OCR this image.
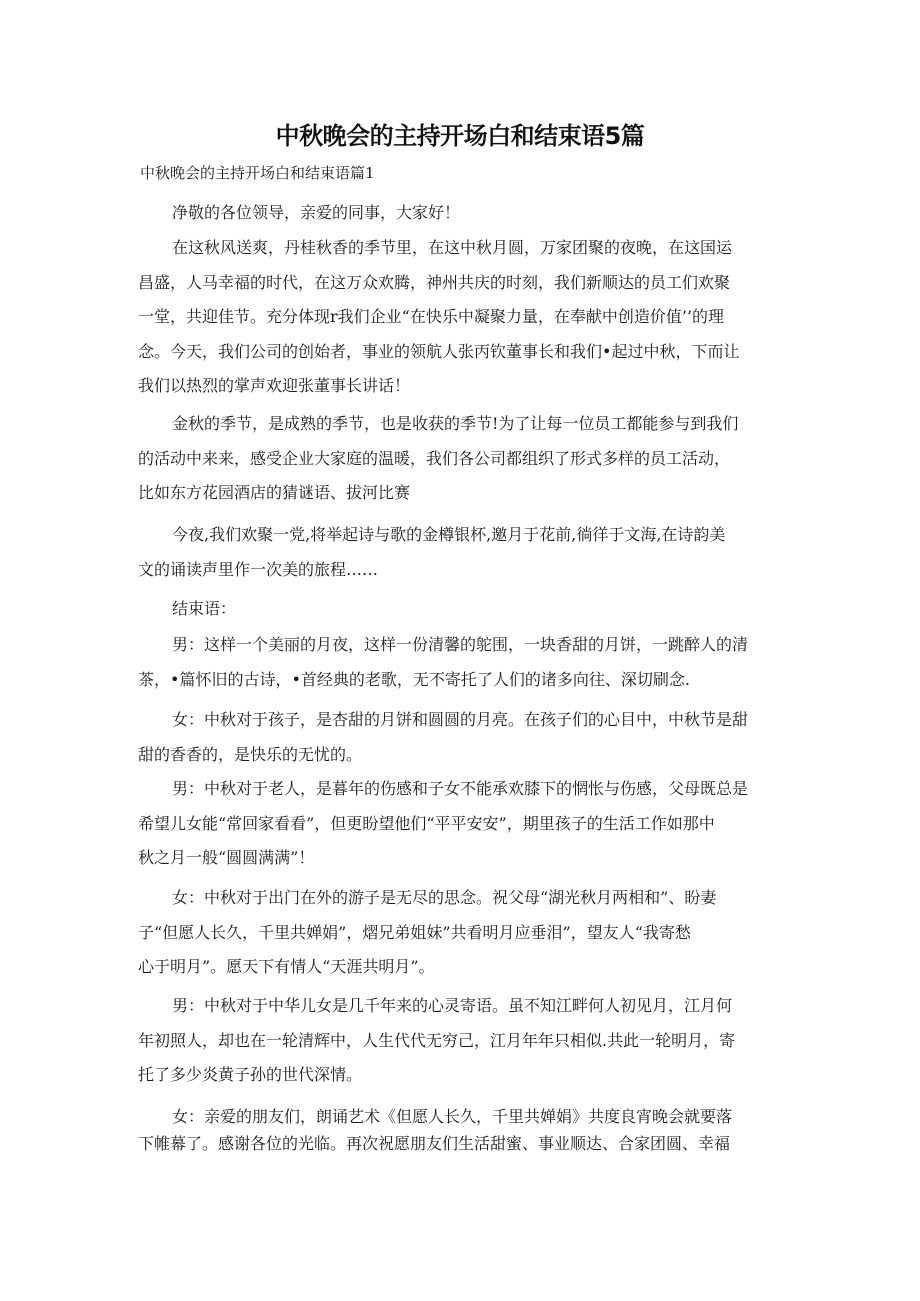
中秋晚会的主持开场白和结束语5篇
中秋晚会的主持开场白和结束语篇1
净敬的各位领导，亲爱的同事，大家好！
在这秋风送爽，丹桂秋香的季节里，在这中秋月圆，万家团聚的夜晚，在这国运
昌盛，人马幸福的时代，在这万众欢腾，神州共庆的时刻，我们新顺达的员工们欢聚
一堂，共迎佳节。充分体现r我们企业“在快乐中凝聚力量，在奉献中创造价值’’的理
念。今天，我们公司的创始者，事业的领航人张丙钦董事长和我们•起过中秋，下而让
我们以热烈的掌声欢迎张董事长讲话！
金秋的季节，是成熟的季节，也是收获的季节!为了让每一位员工都能参与到我们
的活动中来来，感受企业大家庭的温暖，我们各公司都组织了形式多样的员工活动，
比如东方花园酒店的猜谜语、拔河比赛
今夜,我们欢聚一党,将举起诗与歌的金樽银杯,邀月于花前,徜徉于文海,在诗韵美
文的诵读声里作一次美的旅程……
结束语：
男：这样一个美丽的月夜，这样一份清馨的鸵围，一块香甜的月饼，一跳醉人的清
茶，•篇怀旧的古诗，•首经典的老歌，无不寄托了人们的诸多向往、深切刷念.
女：中秋对于孩子，是杏甜的月饼和圆圆的月亮。在孩子们的心目中，中秋节是甜
甜的香香的，是快乐的无忧的。
男：中秋对于老人，是暮年的伤感和子女不能承欢膝下的惘怅与伤感，父母既总是
希望儿女能“常回家看看”，但更盼望他们“平平安安”，期里孩子的生活工作如那中
秋之月一般“圆圆满满”！
女：中秋对于出门在外的游子是无尽的思念。祝父母“湖光秋月两相和”、盼妻
子“但愿人长久，千里共婵娟”，熠兄弟姐妹”共看明月应垂泪”，望友人“我寄愁
心于明月”。愿天下有情人“天涯共明月”。
男：中秋对于中华儿女是几千年来的心灵寄语。虽不知江畔何人初见月，江月何
年初照人，却也在一轮清辉中，人生代代无穷己，江月年年只相似.共此一轮明月，寄
托了多少炎黄子孙的世代深情。
女：亲爱的朋友们，朗诵艺术《但愿人长久，千里共婵娟》共度良宵晚会就要落
下帷幕了。感谢各位的光临。再次祝愿朋友们生活甜蜜、事业顺达、合家团圆、幸福
